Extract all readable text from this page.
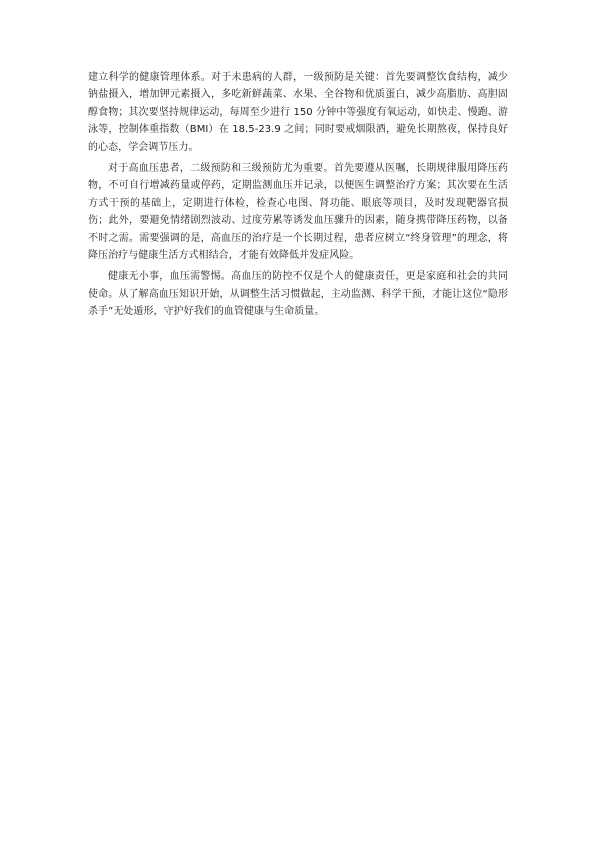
建立科学的健康管理体系。对于未患病的人群，一级预防是关键：首先要调整饮食结构，减少钠盐摄入，增加钾元素摄入，多吃新鲜蔬菜、水果、全谷物和优质蛋白，减少高脂肪、高胆固醇食物；其次要坚持规律运动，每周至少进行 150 分钟中等强度有氧运动，如快走、慢跑、游泳等，控制体重指数（BMI）在 18.5-23.9 之间；同时要戒烟限酒，避免长期熬夜，保持良好的心态，学会调节压力。

对于高血压患者，二级预防和三级预防尤为重要。首先要遵从医嘱，长期规律服用降压药物，不可自行增减药量或停药，定期监测血压并记录，以便医生调整治疗方案；其次要在生活方式干预的基础上，定期进行体检，检查心电图、肾功能、眼底等项目，及时发现靶器官损伤；此外，要避免情绪剧烈波动、过度劳累等诱发血压骤升的因素，随身携带降压药物，以备不时之需。需要强调的是，高血压的治疗是一个长期过程，患者应树立“终身管理”的理念，将降压治疗与健康生活方式相结合，才能有效降低并发症风险。

健康无小事，血压需警惕。高血压的防控不仅是个人的健康责任，更是家庭和社会的共同使命。从了解高血压知识开始，从调整生活习惯做起，主动监测、科学干预，才能让这位“隐形杀手”无处遁形，守护好我们的血管健康与生命质量。
